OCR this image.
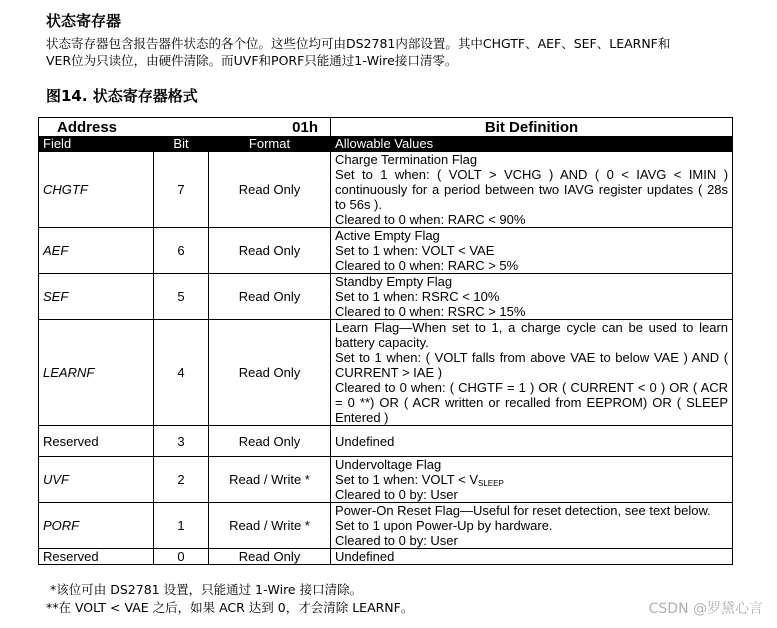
状态寄存器
状态寄存器包含报告器件状态的各个位。这些位均可由DS2781内部设置。其中CHGTF、AEF、SEF、LEARNF和
VER位为只读位，由硬件清除。而UVF和PORF只能通过1-Wire接口清零。
图14. 状态寄存器格式
Address 01h			Bit Definition
Field	Bit	Format	Allowable Values
CHGTF	7	Read Only	Charge Termination Flag
Set to 1 when: ( VOLT > VCHG ) AND ( 0 < IAVG < IMIN ) continuously for a period between two IAVG register updates ( 28s to 56s ).
Cleared to 0 when: RARC < 90%

AEF	6	Read Only	Active Empty Flag
Set to 1 when: VOLT < VAE
Cleared to 0 when: RARC > 5%

SEF	5	Read Only	Standby Empty Flag
Set to 1 when: RSRC < 10%
Cleared to 0 when: RSRC > 15%

LEARNF	4	Read Only	Learn Flag—When set to 1, a charge cycle can be used to learn battery capacity.
Set to 1 when: ( VOLT falls from above VAE to below VAE ) AND ( CURRENT > IAE )
Cleared to 0 when: ( CHGTF = 1 ) OR ( CURRENT < 0 ) OR ( ACR = 0 **) OR ( ACR written or recalled from EEPROM) OR ( SLEEP Entered )

Reserved	3	Read Only	Undefined

UVF	2	Read / Write *	Undervoltage Flag
Set to 1 when: VOLT < $V_{SLEEP}$
Cleared to 0 by: User

PORF	1	Read / Write *	Power-On Reset Flag—Useful for reset detection, see text below.
Set to 1 upon Power-Up by hardware.
Cleared to 0 by: User

Reserved	0	Read Only	Undefined
*该位可由 DS2781 设置，只能通过 1-Wire 接口清除。
**在 VOLT < VAE 之后，如果 ACR 达到 0，才会清除 LEARNF。	CSDN @罗黛心言
